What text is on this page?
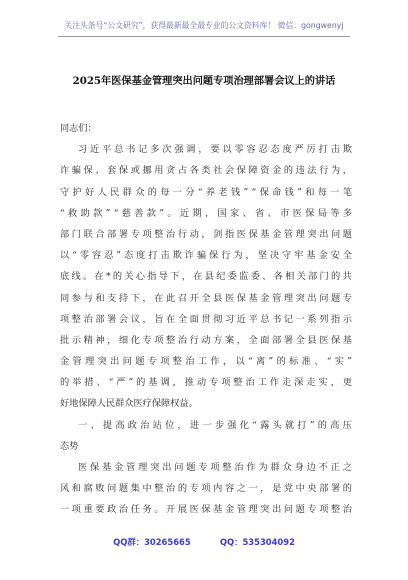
关注头条号“公文研究”，获得最新最全最专业的公文资料库！ 微信：gongwenyj
2025年医保基金管理突出问题专项治理部署会议上的讲话
同志们：
习 近 平 总 书 记 多 次 强 调 ， 要 以 零 容 忍 态 度 严 厉 打 击 欺
诈 骗 保 、 套 保 或 挪 用 贪 占 各 类 社 会 保 障 资 金 的 违 法 行 为 ，
守 护 好 人 民 群 众 的 每 一 分 “ 养 老 钱 ” “ 保 命 钱 ” 和 每 一 笔
“ 救 助 款 ” “ 慈 善 款 ” 。 近 期 ， 国 家 、 省 、 市 医 保 局 等 多
部 门 联 合 部 署 专 项 整 治 行 动 ， 剑 指 医 保 基 金 管 理 突 出 问 题
以 “ 零 容 忍 ” 态 度 打 击 欺 诈 骗 保 行 为 ， 坚 决 守 牢 基 金 安 全
底 线 。 在 * 的 关 心 指 导 下 ， 在 县 纪 委 监 委 、 各 相 关 部 门 的 共
同 参 与 和 支 持 下 ， 在 此 召 开 全 县 医 保 基 金 管 理 突 出 问 题 专
项 整 治 部 署 会 议 ， 旨 在 全 面 贯 彻 习 近 平 总 书 记 一 系 列 指 示
批 示 精 神 ， 细 化 专 项 整 治 行 动 方 案 ， 全 面 部 署 全 县 医 保 基
金 管 理 突 出 问 题 专 项 整 治 工 作 ， 以 “ 离 ” 的 标 准 、 “ 实 ”
的 举 措 、 “ 严 ” 的 基 调 ， 推 动 专 项 整 治 工 作 走 深 走 实 ， 更
好地保障人民群众医疗保障权益。
一 、 提 高 政 治 站 位 ， 进 一 步 强 化 “ 露 头 就 打 ” 的 高 压
态势
医 保 基 金 管 理 突 出 问 题 专 项 整 治 作 为 群 众 身 边 不 正 之
风 和 腐 败 问 题 集 中 整 治 的 专 项 内 容 之 一 ， 是 党 中 央 部 署 的
一 项 重 要 政 治 任 务 。 开 展 医 保 基 金 管 理 突 出 问 题 专 项 整 治
QQ群：30265665	QQ：535304092
